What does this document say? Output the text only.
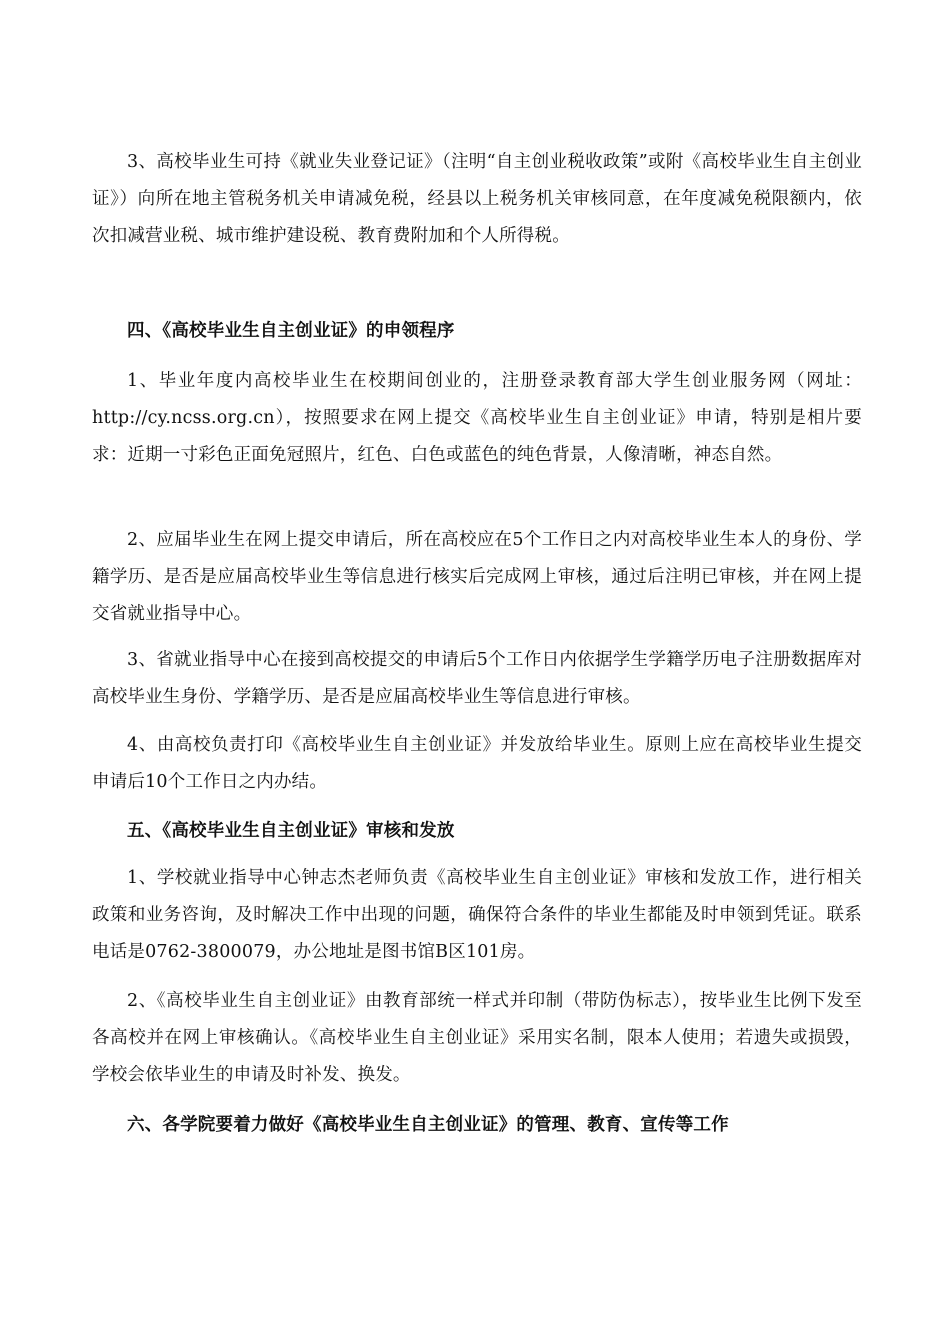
3、高校毕业生可持《就业失业登记证》（注明“自主创业税收政策”或附《高校毕业生自主创业证》）向所在地主管税务机关申请减免税，经县以上税务机关审核同意，在年度减免税限额内，依次扣减营业税、城市维护建设税、教育费附加和个人所得税。

四、《高校毕业生自主创业证》的申领程序

1、毕业年度内高校毕业生在校期间创业的，注册登录教育部大学生创业服务网（网址：http://cy.ncss.org.cn），按照要求在网上提交《高校毕业生自主创业证》申请，特别是相片要求：近期一寸彩色正面免冠照片，红色、白色或蓝色的纯色背景，人像清晰，神态自然。

2、应届毕业生在网上提交申请后，所在高校应在5个工作日之内对高校毕业生本人的身份、学籍学历、是否是应届高校毕业生等信息进行核实后完成网上审核，通过后注明已审核，并在网上提交省就业指导中心。

3、省就业指导中心在接到高校提交的申请后5个工作日内依据学生学籍学历电子注册数据库对高校毕业生身份、学籍学历、是否是应届高校毕业生等信息进行审核。

4、由高校负责打印《高校毕业生自主创业证》并发放给毕业生。原则上应在高校毕业生提交申请后10个工作日之内办结。

五、《高校毕业生自主创业证》审核和发放

1、学校就业指导中心钟志杰老师负责《高校毕业生自主创业证》审核和发放工作，进行相关政策和业务咨询，及时解决工作中出现的问题，确保符合条件的毕业生都能及时申领到凭证。联系电话是0762-3800079，办公地址是图书馆B区101房。

2、《高校毕业生自主创业证》由教育部统一样式并印制（带防伪标志），按毕业生比例下发至各高校并在网上审核确认。《高校毕业生自主创业证》采用实名制，限本人使用；若遗失或损毁，学校会依毕业生的申请及时补发、换发。

六、各学院要着力做好《高校毕业生自主创业证》的管理、教育、宣传等工作
